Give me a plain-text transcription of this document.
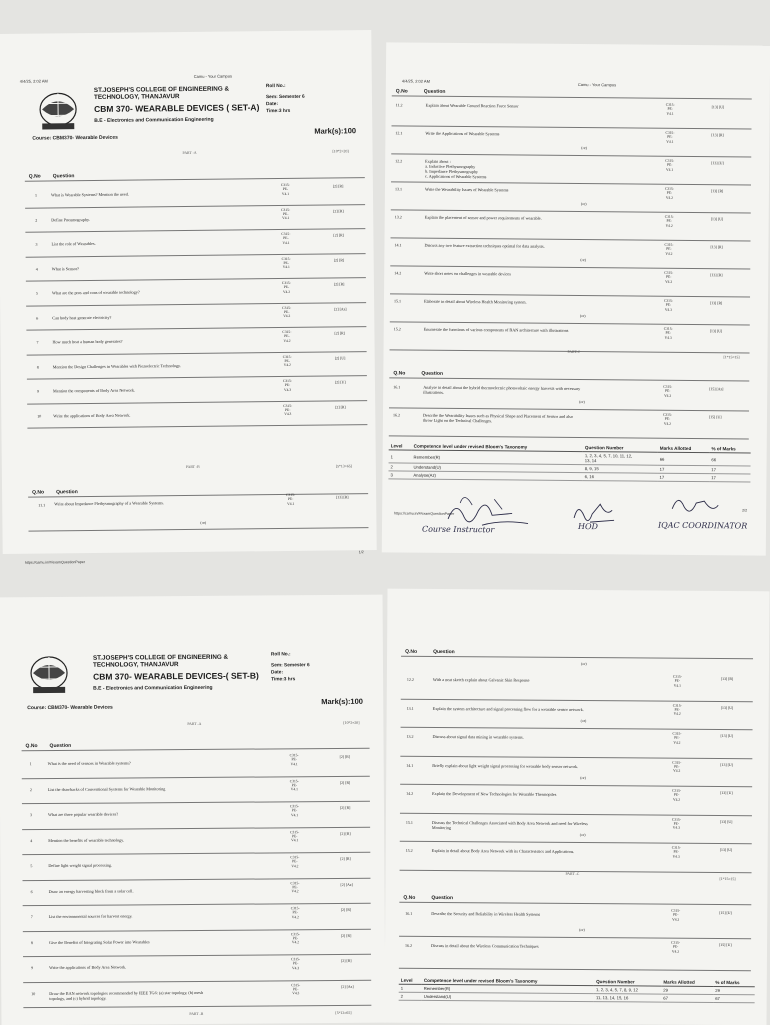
4/4/25, 2:02 AM
Camu - Your Campus
ST.JOSEPH'S COLLEGE OF ENGINEERING &
TECHNOLOGY, THANJAVUR
CBM 370- WEARABLE DEVICES ( SET-A)
B.E - Electronics and Communication Engineering
Roll No.:
Sem: Semester 6
Date:
Time:3 hrs
Mark(s):100
Course: CBM370- Wearable Devices
PART -A	[10*2=20]
Q.No Question
1	What is Wearable Systems? Mention the need.
C315-
PE-
V4.1
[2] [R]
2	Define Pneumography.
C315-
PE-
V4.1
[2] [R]
3	List the role of Wearables.
C315-
PE-
V4.1
[2] [R]
4	What is Sensor?
C315-
PE-
V4.1
[2] [R]
5	What are the pros and cons of wearable technology?
C315-
PE-
V4.2
[2] [R]
6	Can body heat generate electricity?
C315-
PE-
V4.2
[2] [Az]
7	How much heat a human body generates?
C315-
PE-
V4.2
[2] [R]
8	Mention the Design Challenges in Wearables with Piezoelectric Technology.
C315-
PE-
V4.2
[2] [U]
9	Mention the components of Body Area Network.
C315-
PE-
V4.3
[2] [U]
10	Write the applications of Body Area Network.
C315-
PE-
V4.3
[2] [R]
PART -B	[5*13=65]
Q.No Question
11.1 Write about Impedance Plethysmography of a Wearable Systems.
C315-
PE-
V4.1
[13] [R]
(or)
https://camu.in/#/examQuestionPaper
1/2
4/4/25, 2:02 AM
Camu - Your Campus
Q.No	Question
11.2	Explain about Wearable Ground Reaction Force Sensor	C315-
PE-
V4.1
[13] [U]
12.1	Write the Applications of Wearable Systems	C315-
PE-
V4.1
[13] [R]
(or)
12.2	Explain about :
a. Inductive Plethysmography
b. Impedance Plethysmography
c. Applications of Wearable Systems
C315-
PE-
V4.1
[13] [U]
13.1	Write the Wearability Issues of Wearable Systems	C315-
PE-
V4.2
[13] [R]
(or)
13.2	Explain the placement of sensor and power requirements of wearable.	C315-
PE-
V4.2
[13] [U]
14.1	Discuss any two feature extraction techniques optimal for data analysis.	C315-
PE-
V4.2
[13] [R]
(or)
14.2	Write short notes on challenges in wearable devices	C315-
PE-
V4.2
[13] [R]
15.1	Elaborate in detail about Wireless Health Monitoring system.	C315-
PE-
V4.3
[13] [R]
(or)
15.2	Enumerate the functions of various components of BAN architecture with illustrations	C315-
PE-
V4.3
[13] [U]
PART-C
[1*15=15]
Q.No	Question
16.1	Analyse in detail about the hybrid thermoelectric photovoltaic energy harvests with necessary
illustrations.
C315-
PE-
V4.2
[15] [Az]
(or)
16.2	Describe the Wearability Issues such as Physical Shape and Placement of Sensor and also
throw Light on the Technical Challenges.
C315-
PE-
V4.2
[15] [U]
Level	Competence level under revised Bloom's Taxonomy	Question Number	Marks Allotted	% of Marks
1	Remember(R)	1, 2, 3, 4, 5, 7, 10, 11, 12,
13, 14	66	66
2	Understand(U)	8, 9, 15	17	17
3	Analyse(Az)	6, 16	17	17
https://camu.in/#/examQuestionPaper
2/2
Course Instructor	HOD	IQAC COORDINATOR
ST.JOSEPH'S COLLEGE OF ENGINEERING &
TECHNOLOGY, THANJAVUR
CBM 370- WEARABLE DEVICES-( SET-B)
B.E - Electronics and Communication Engineering
Roll No.:
Sem: Semester 6
Date:
Time:3 hrs
Mark(s):100
Course: CBM370- Wearable Devices
PART -A	[10*2=20]
Q.No Question
1	What is the need of sensors in Wearable systems?
C315-
PE-
V4.1
[2] [R]
2	List the drawbacks of Conventional Systems for Wearable Monitoring
C315-
PE-
V4.1
[2] [R]
3	What are three popular wearable devices?
C315-
PE-
V4.1
[2] [R]
4	Mention the benefits of wearable technology.
C315-
PE-
V4.1
[2] [R]
5	Define light weight signal processing.
C315-
PE-
V4.2
[2] [R]
6	Draw an energy harvesting block from a solar cell.
C315-
PE-
V4.2
[2] [Az]
7	List the environmental sources for harvest energy.
C315-
PE-
V4.2
[2] [R]
8	Give the Benefits of Integrating Solar Power into Wearables
C315-
PE-
V4.2
[2] [R]
9	Write the applications of Body Area Network.
C315-
PE-
V4.3
[2] [R]
10	Draw the BAN network topologies recommended by IEEE TG6: (a) star topology, (b) mesh
topology, and (c) hybrid topology.
C315-
PE-
V4.3
[2] [Az]
PART -B	[5*13=65]
Q.No	Question
(or)
12.2	With a neat sketch explain about Galvanic Skin Response
C315-
PE-
V4.1
[13] [R]
13.1	Explain the system architecture and signal processing flow for a wearable sensor network.
C315-
PE-
V4.2
[13] [U]
(or)
13.2	Discuss about signal data mining in wearable systems.
C315-
PE-
V4.2
[13] [U]
14.1	Briefly explain about light weight signal processing for wearable body sensor network.
C315-
PE-
V4.2
[13] [U]
(or)
14.2	Explain the Development of New Technologies for Wearable Thermopiles
C315-
PE-
V4.2
[13] [U]
15.1	Discuss the Technical Challenges Associated with Body Area Network and need for Wireless
Monitoring
C315-
PE-
V4.3
[13] [U]
(or)
15.2	Explain in detail about Body Area Network with its Characteristics and Applications.
C315-
PE-
V4.3
[13] [U]
PART -C
[1*15=15]
Q.No	Question
16.1	Describe the Security and Reliability in Wireless Health Systems
C315-
PE-
V4.2
[15] [U]
(or)
16.2	Discuss in detail about the Wireless Communication Techniques
C315-
PE-
V4.2
[15] [U]
Level	Competence level under revised Bloom's Taxonomy	Question Number	Marks Allotted	% of Marks
1	Remember(R)	1, 2, 3, 4, 5, 7, 8, 9, 12	29	29
2	Understand(U)	11, 13, 14, 15, 16	67	67
